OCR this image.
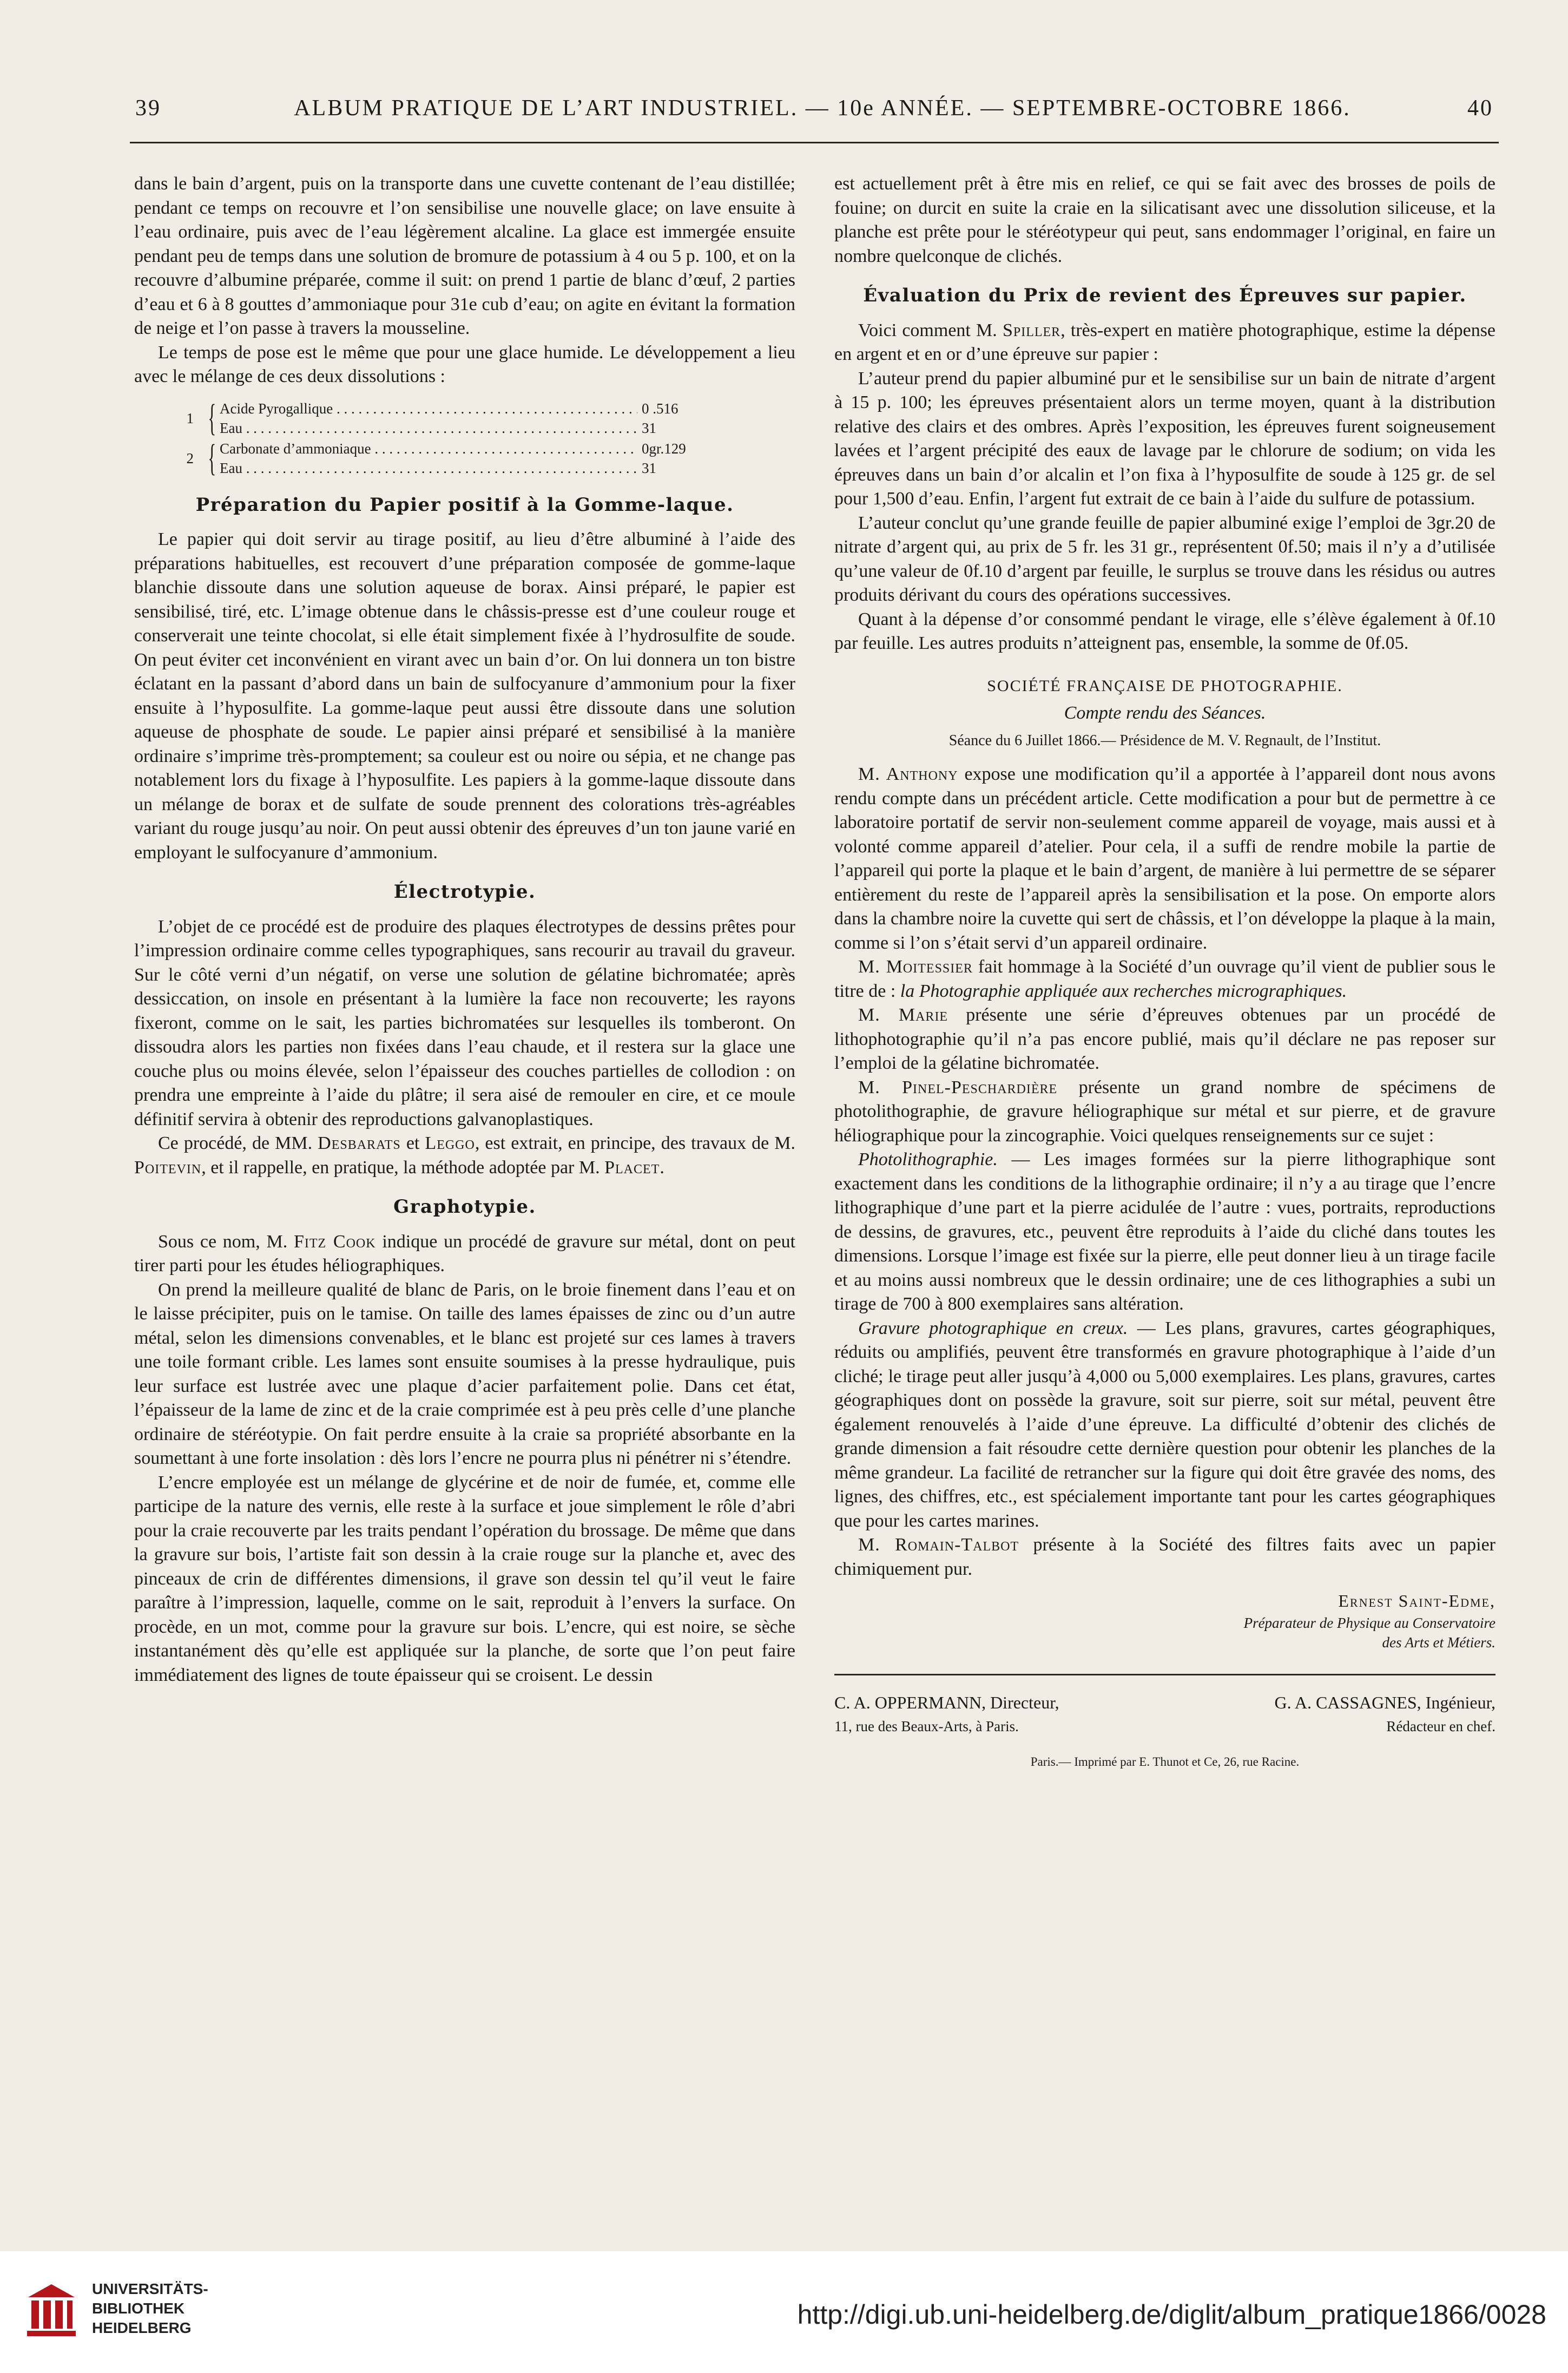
39	ALBUM PRATIQUE DE L’ART INDUSTRIEL. — 10e ANNÉE. — SEPTEMBRE-OCTOBRE 1866.	40

dans le bain d’argent, puis on la transporte dans une cuvette contenant de l’eau distillée; pendant ce temps on recouvre et l’on sensibilise une nouvelle glace; on lave ensuite à l’eau ordinaire, puis avec de l’eau légèrement alcaline. La glace est immergée ensuite pendant peu de temps dans une solution de bromure de potassium à 4 ou 5 p. 100, et on la recouvre d’albumine préparée, comme il suit: on prend 1 partie de blanc d’œuf, 2 parties d’eau et 6 à 8 gouttes d’ammoniaque pour 31e cub d’eau; on agite en évitant la formation de neige et l’on passe à travers la mousseline.

Le temps de pose est le même que pour une glace humide. Le développement a lieu avec le mélange de ces deux dissolutions :

1 { Acide Pyrogallique . . .	0 .516
Eau . . .	31
2 { Carbonate d’ammoniaque . . .	0gr.129
Eau . . .	31
Préparation du Papier positif à la Gomme-laque.

Le papier qui doit servir au tirage positif, au lieu d’être albuminé à l’aide des préparations habituelles, est recouvert d’une préparation composée de gomme-laque blanchie dissoute dans une solution aqueuse de borax. Ainsi préparé, le papier est sensibilisé, tiré, etc. L’image obtenue dans le châssis-presse est d’une couleur rouge et conserverait une teinte chocolat, si elle était simplement fixée à l’hydrosulfite de soude. On peut éviter cet inconvénient en virant avec un bain d’or. On lui donnera un ton bistre éclatant en la passant d’abord dans un bain de sulfocyanure d’ammonium pour la fixer ensuite à l’hyposulfite. La gomme-laque peut aussi être dissoute dans une solution aqueuse de phosphate de soude. Le papier ainsi préparé et sensibilisé à la manière ordinaire s’imprime très-promptement; sa couleur est ou noire ou sépia, et ne change pas notablement lors du fixage à l’hyposulfite. Les papiers à la gomme-laque dissoute dans un mélange de borax et de sulfate de soude prennent des colorations très-agréables variant du rouge jusqu’au noir. On peut aussi obtenir des épreuves d’un ton jaune varié en employant le sulfocyanure d’ammonium.

Électrotypie.

L’objet de ce procédé est de produire des plaques électrotypes de dessins prêtes pour l’impression ordinaire comme celles typographiques, sans recourir au travail du graveur. Sur le côté verni d’un négatif, on verse une solution de gélatine bichromatée; après dessiccation, on insole en présentant à la lumière la face non recouverte; les rayons fixeront, comme on le sait, les parties bichromatées sur lesquelles ils tomberont. On dissoudra alors les parties non fixées dans l’eau chaude, et il restera sur la glace une couche plus ou moins élevée, selon l’épaisseur des couches partielles de collodion : on prendra une empreinte à l’aide du plâtre; il sera aisé de remouler en cire, et ce moule définitif servira à obtenir des reproductions galvanoplastiques.

Ce procédé, de MM. Desbarats et Leggo, est extrait, en principe, des travaux de M. Poitevin, et il rappelle, en pratique, la méthode adoptée par M. Placet.

Graphotypie.

Sous ce nom, M. Fitz Cook indique un procédé de gravure sur métal, dont on peut tirer parti pour les études héliographiques.

On prend la meilleure qualité de blanc de Paris, on le broie finement dans l’eau et on le laisse précipiter, puis on le tamise. On taille des lames épaisses de zinc ou d’un autre métal, selon les dimensions convenables, et le blanc est projeté sur ces lames à travers une toile formant crible. Les lames sont ensuite soumises à la presse hydraulique, puis leur surface est lustrée avec une plaque d’acier parfaitement polie. Dans cet état, l’épaisseur de la lame de zinc et de la craie comprimée est à peu près celle d’une planche ordinaire de stéréotypie. On fait perdre ensuite à la craie sa propriété absorbante en la soumettant à une forte insolation : dès lors l’encre ne pourra plus ni pénétrer ni s’étendre.

L’encre employée est un mélange de glycérine et de noir de fumée, et, comme elle participe de la nature des vernis, elle reste à la surface et joue simplement le rôle d’abri pour la craie recouverte par les traits pendant l’opération du brossage. De même que dans la gravure sur bois, l’artiste fait son dessin à la craie rouge sur la planche et, avec des pinceaux de crin de différentes dimensions, il grave son dessin tel qu’il veut le faire paraître à l’impression, laquelle, comme on le sait, reproduit à l’envers la surface. On procède, en un mot, comme pour la gravure sur bois. L’encre, qui est noire, se sèche instantanément dès qu’elle est appliquée sur la planche, de sorte que l’on peut faire immédiatement des lignes de toute épaisseur qui se croisent. Le dessin

est actuellement prêt à être mis en relief, ce qui se fait avec des brosses de poils de fouine; on durcit en suite la craie en la silicatisant avec une dissolution siliceuse, et la planche est prête pour le stéréotypeur qui peut, sans endommager l’original, en faire un nombre quelconque de clichés.

Évaluation du Prix de revient des Épreuves sur papier.

Voici comment M. Spiller, très-expert en matière photographique, estime la dépense en argent et en or d’une épreuve sur papier :

L’auteur prend du papier albuminé pur et le sensibilise sur un bain de nitrate d’argent à 15 p. 100; les épreuves présentaient alors un terme moyen, quant à la distribution relative des clairs et des ombres. Après l’exposition, les épreuves furent soigneusement lavées et l’argent précipité des eaux de lavage par le chlorure de sodium; on vida les épreuves dans un bain d’or alcalin et l’on fixa à l’hyposulfite de soude à 125 gr. de sel pour 1,500 d’eau. Enfin, l’argent fut extrait de ce bain à l’aide du sulfure de potassium.

L’auteur conclut qu’une grande feuille de papier albuminé exige l’emploi de 3gr.20 de nitrate d’argent qui, au prix de 5 fr. les 31 gr., représentent 0f.50; mais il n’y a d’utilisée qu’une valeur de 0f.10 d’argent par feuille, le surplus se trouve dans les résidus ou autres produits dérivant du cours des opérations successives.

Quant à la dépense d’or consommé pendant le virage, elle s’élève également à 0f.10 par feuille. Les autres produits n’atteignent pas, ensemble, la somme de 0f.05.

SOCIÉTÉ FRANÇAISE DE PHOTOGRAPHIE.
Compte rendu des Séances.
Séance du 6 Juillet 1866.— Présidence de M. V. Regnault, de l’Institut.

M. Anthony expose une modification qu’il a apportée à l’appareil dont nous avons rendu compte dans un précédent article. Cette modification a pour but de permettre à ce laboratoire portatif de servir non-seulement comme appareil de voyage, mais aussi et à volonté comme appareil d’atelier. Pour cela, il a suffi de rendre mobile la partie de l’appareil qui porte la plaque et le bain d’argent, de manière à lui permettre de se séparer entièrement du reste de l’appareil après la sensibilisation et la pose. On emporte alors dans la chambre noire la cuvette qui sert de châssis, et l’on développe la plaque à la main, comme si l’on s’était servi d’un appareil ordinaire.

M. Moitessier fait hommage à la Société d’un ouvrage qu’il vient de publier sous le titre de : la Photographie appliquée aux recherches micrographiques.

M. Marie présente une série d’épreuves obtenues par un procédé de lithophotographie qu’il n’a pas encore publié, mais qu’il déclare ne pas reposer sur l’emploi de la gélatine bichromatée.

M. Pinel-Peschardière présente un grand nombre de spécimens de photolithographie, de gravure héliographique sur métal et sur pierre, et de gravure héliographique pour la zincographie. Voici quelques renseignements sur ce sujet :

Photolithographie. — Les images formées sur la pierre lithographique sont exactement dans les conditions de la lithographie ordinaire; il n’y a au tirage que l’encre lithographique d’une part et la pierre acidulée de l’autre : vues, portraits, reproductions de dessins, de gravures, etc., peuvent être reproduits à l’aide du cliché dans toutes les dimensions. Lorsque l’image est fixée sur la pierre, elle peut donner lieu à un tirage facile et au moins aussi nombreux que le dessin ordinaire; une de ces lithographies a subi un tirage de 700 à 800 exemplaires sans altération.

Gravure photographique en creux. — Les plans, gravures, cartes géographiques, réduits ou amplifiés, peuvent être transformés en gravure photographique à l’aide d’un cliché; le tirage peut aller jusqu’à 4,000 ou 5,000 exemplaires. Les plans, gravures, cartes géographiques dont on possède la gravure, soit sur pierre, soit sur métal, peuvent être également renouvelés à l’aide d’une épreuve. La difficulté d’obtenir des clichés de grande dimension a fait résoudre cette dernière question pour obtenir les planches de la même grandeur. La facilité de retrancher sur la figure qui doit être gravée des noms, des lignes, des chiffres, etc., est spécialement importante tant pour les cartes géographiques que pour les cartes marines.

M. Romain-Talbot présente à la Société des filtres faits avec un papier chimiquement pur.

Ernest Saint-Edme,
Préparateur de Physique au Conservatoire
des Arts et Métiers.
C. A. OPPERMANN, Directeur,
11, rue des Beaux-Arts, à Paris.
G. A. CASSAGNES, Ingénieur,
Rédacteur en chef.
Paris.— Imprimé par E. Thunot et Ce, 26, rue Racine.
UNIVERSITÄTS-
BIBLIOTHEK
HEIDELBERG	http://digi.ub.uni-heidelberg.de/diglit/album_pratique1866/0028
